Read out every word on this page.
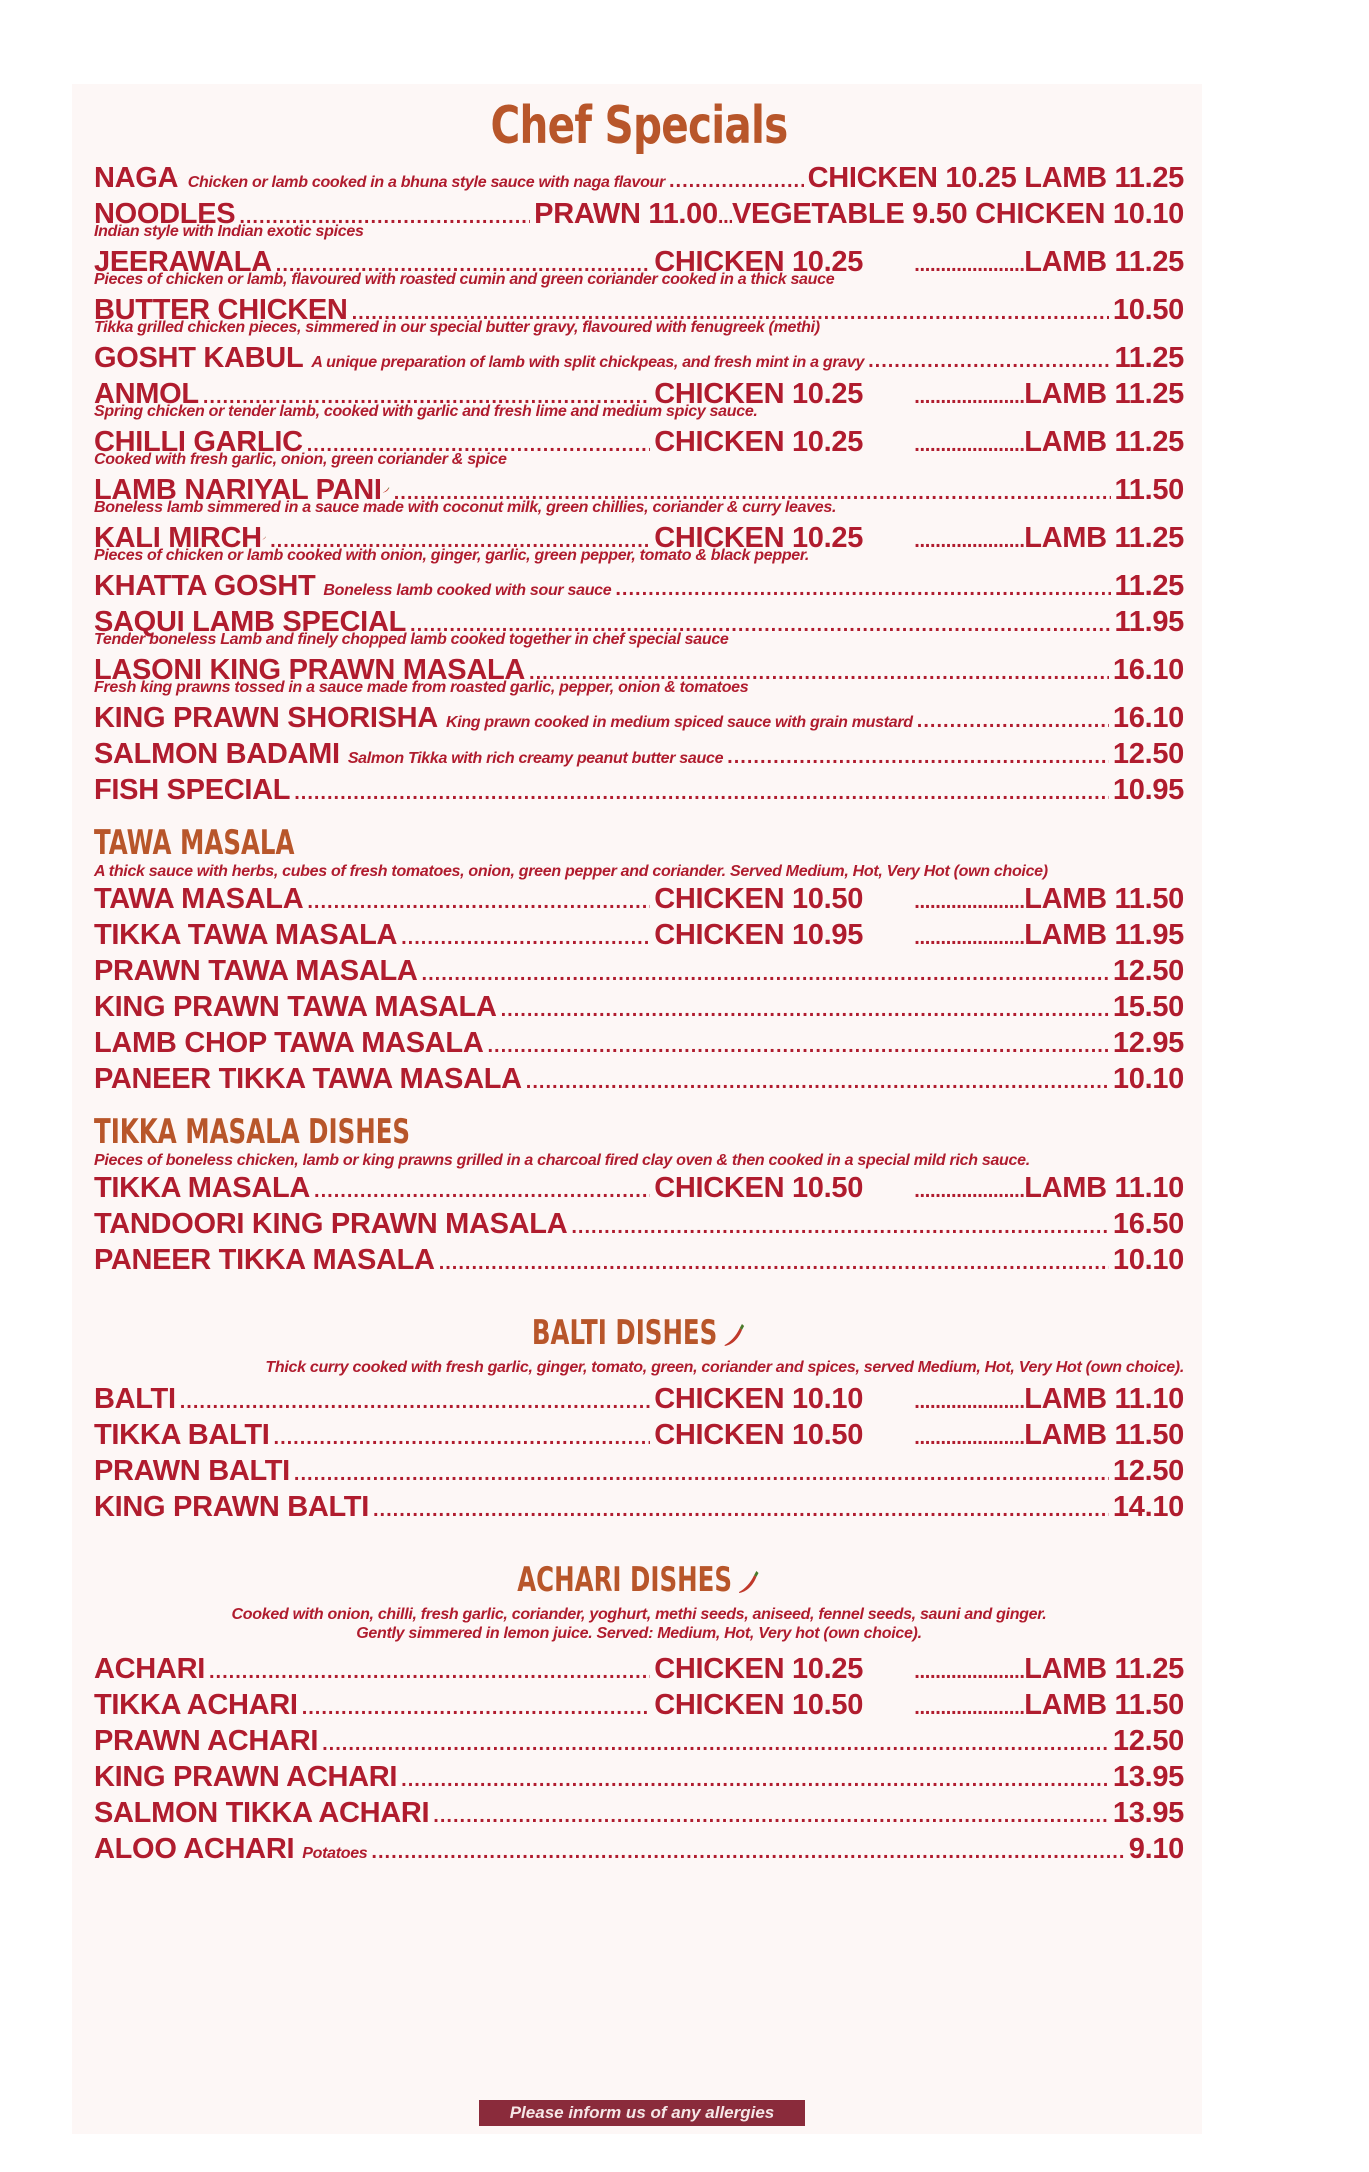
Chef Specials
NAGA Chicken or lamb cooked in a bhuna style sauce with naga flavour .....	CHICKEN 10.25 LAMB 11.25
NOODLES .....	PRAWN 11.00 ..... VEGETABLE 9.50 CHICKEN 10.10
Indian style with Indian exotic spices
JEERAWALA .....	CHICKEN 10.25 .....	LAMB 11.25
Pieces of chicken or lamb, flavoured with roasted cumin and green coriander cooked in a thick sauce
BUTTER CHICKEN .....	10.50
Tikka grilled chicken pieces, simmered in our special butter gravy, flavoured with fenugreek (methi)
GOSHT KABUL A unique preparation of lamb with split chickpeas, and fresh mint in a gravy .....	11.25
ANMOL .....	CHICKEN 10.25 .....	LAMB 11.25
Spring chicken or tender lamb, cooked with garlic and fresh lime and medium spicy sauce.
CHILLI GARLIC .....	CHICKEN 10.25 .....	LAMB 11.25
Cooked with fresh garlic, onion, green coriander & spice
LAMB NARIYAL PANI .....	11.50
Boneless lamb simmered in a sauce made with coconut milk, green chillies, coriander & curry leaves.
KALI MIRCH .....	CHICKEN 10.25 .....	LAMB 11.25
Pieces of chicken or lamb cooked with onion, ginger, garlic, green pepper, tomato & black pepper.
KHATTA GOSHT Boneless lamb cooked with sour sauce .....	11.25
SAQUI LAMB SPECIAL .....	11.95
Tender boneless Lamb and finely chopped lamb cooked together in chef special sauce
LASONI KING PRAWN MASALA .....	16.10
Fresh king prawns tossed in a sauce made from roasted garlic, pepper, onion & tomatoes
KING PRAWN SHORISHA King prawn cooked in medium spiced sauce with grain mustard .....	16.10
SALMON BADAMI Salmon Tikka with rich creamy peanut butter sauce .....	12.50
FISH SPECIAL .....	10.95
TAWA MASALA
A thick sauce with herbs, cubes of fresh tomatoes, onion, green pepper and coriander. Served Medium, Hot, Very Hot (own choice)
TAWA MASALA .....	CHICKEN 10.50 .....	LAMB 11.50
TIKKA TAWA MASALA .....	CHICKEN 10.95 .....	LAMB 11.95
PRAWN TAWA MASALA .....	12.50
KING PRAWN TAWA MASALA .....	15.50
LAMB CHOP TAWA MASALA .....	12.95
PANEER TIKKA TAWA MASALA .....	10.10
TIKKA MASALA DISHES
Pieces of boneless chicken, lamb or king prawns grilled in a charcoal fired clay oven & then cooked in a special mild rich sauce.
TIKKA MASALA .....	CHICKEN 10.50 .....	LAMB 11.10
TANDOORI KING PRAWN MASALA .....	16.50
PANEER TIKKA MASALA .....	10.10
BALTI DISHES
Thick curry cooked with fresh garlic, ginger, tomato, green, coriander and spices, served Medium, Hot, Very Hot (own choice).
BALTI .....	CHICKEN 10.10 .....	LAMB 11.10
TIKKA BALTI .....	CHICKEN 10.50 .....	LAMB 11.50
PRAWN BALTI .....	12.50
KING PRAWN BALTI .....	14.10
ACHARI DISHES
Cooked with onion, chilli, fresh garlic, coriander, yoghurt, methi seeds, aniseed, fennel seeds, sauni and ginger.
Gently simmered in lemon juice. Served: Medium, Hot, Very hot (own choice).
ACHARI .....	CHICKEN 10.25 .....	LAMB 11.25
TIKKA ACHARI .....	CHICKEN 10.50 .....	LAMB 11.50
PRAWN ACHARI .....	12.50
KING PRAWN ACHARI .....	13.95
SALMON TIKKA ACHARI .....	13.95
ALOO ACHARI Potatoes .....	9.10
Please inform us of any allergies
